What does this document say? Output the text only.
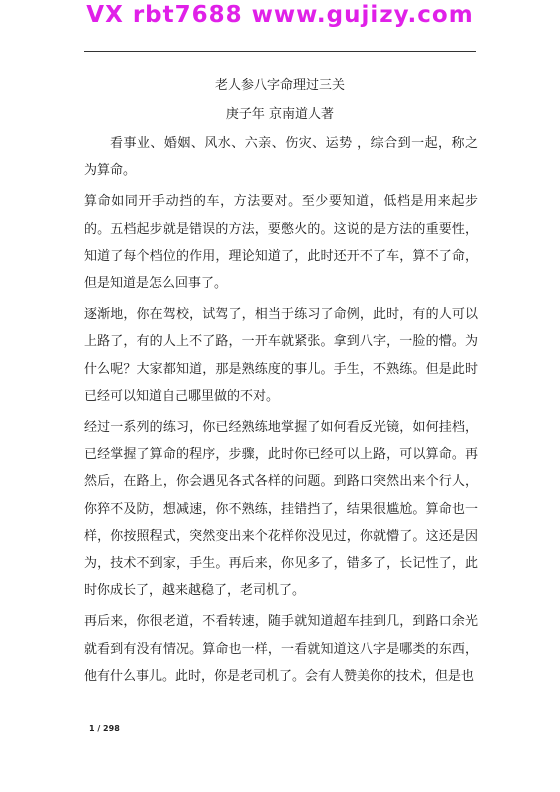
VX rbt7688 www.gujizy.com
老人参八字命理过三关
庚子年 京南道人著

看事业、婚姻、风水、六亲、伤灾、运势 ，综合到一起，称之为算命。

算命如同开手动挡的车，方法要对。至少要知道，低档是用来起步的。五档起步就是错误的方法，要憋火的。这说的是方法的重要性，知道了每个档位的作用，理论知道了，此时还开不了车，算不了命，但是知道是怎么回事了。

逐渐地，你在驾校，试驾了，相当于练习了命例，此时，有的人可以上路了，有的人上不了路，一开车就紧张。拿到八字，一脸的懵。为什么呢？大家都知道，那是熟练度的事儿。手生，不熟练。但是此时已经可以知道自己哪里做的不对。

经过一系列的练习，你已经熟练地掌握了如何看反光镜，如何挂档，已经掌握了算命的程序，步骤，此时你已经可以上路，可以算命。再然后，在路上，你会遇见各式各样的问题。到路口突然出来个行人，你猝不及防，想减速，你不熟练，挂错挡了，结果很尴尬。算命也一样，你按照程式，突然变出来个花样你没见过，你就懵了。这还是因为，技术不到家，手生。再后来，你见多了，错多了，长记性了，此时你成长了，越来越稳了，老司机了。

再后来，你很老道，不看转速，随手就知道超车挂到几，到路口余光就看到有没有情况。算命也一样，一看就知道这八字是哪类的东西，他有什么事儿。此时，你是老司机了。会有人赞美你的技术，但是也

1 / 298
